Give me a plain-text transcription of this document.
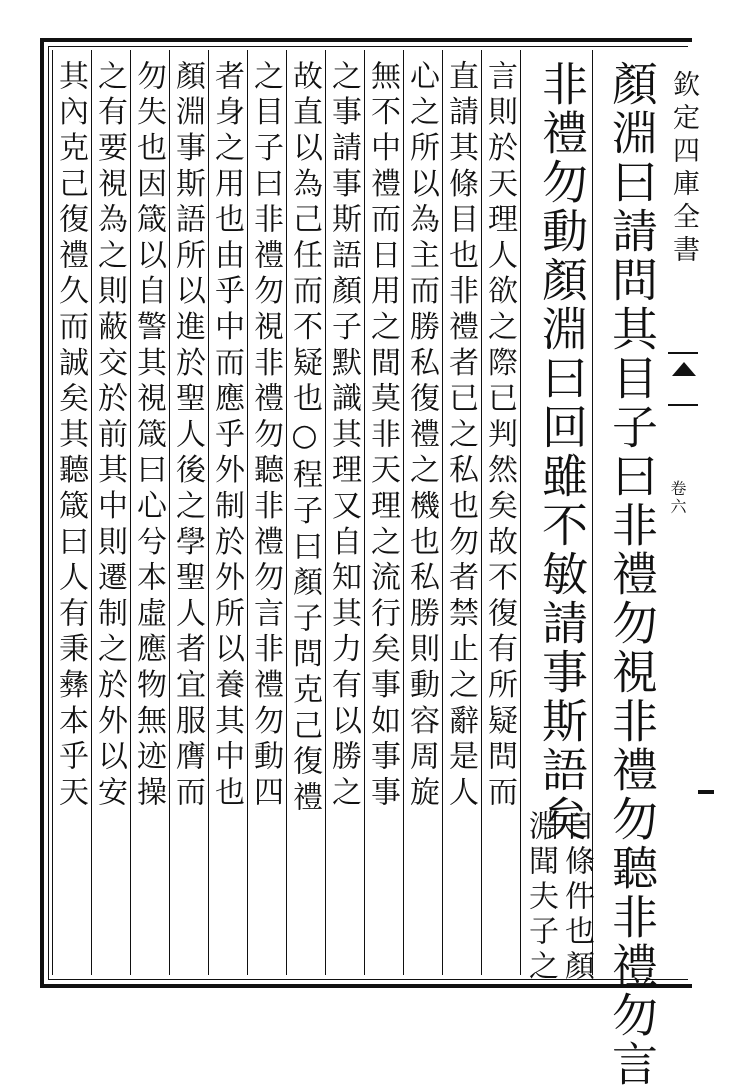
欽定四庫全書
卷六
顏淵曰請問其目子曰非禮勿視非禮勿聽非禮勿言
非禮勿動顏淵曰回雖不敏請事斯語矣
目條件也顏
淵聞夫子之
言則於天理人欲之際已判然矣故不復有所疑問而
直請其條目也非禮者已之私也勿者禁止之辭是人
心之所以為主而勝私復禮之機也私勝則動容周旋
無不中禮而日用之間莫非天理之流行矣事如事事
之事請事斯語顏子默識其理又自知其力有以勝之
故直以為己任而不疑也○程子曰顏子問克己復禮
之目子曰非禮勿視非禮勿聽非禮勿言非禮勿動四
者身之用也由乎中而應乎外制於外所以養其中也
顏淵事斯語所以進於聖人後之學聖人者宜服膺而
勿失也因箴以自警其視箴曰心兮本虛應物無迹操
之有要視為之則蔽交於前其中則遷制之於外以安
其內克己復禮久而誠矣其聽箴曰人有秉彝本乎天
